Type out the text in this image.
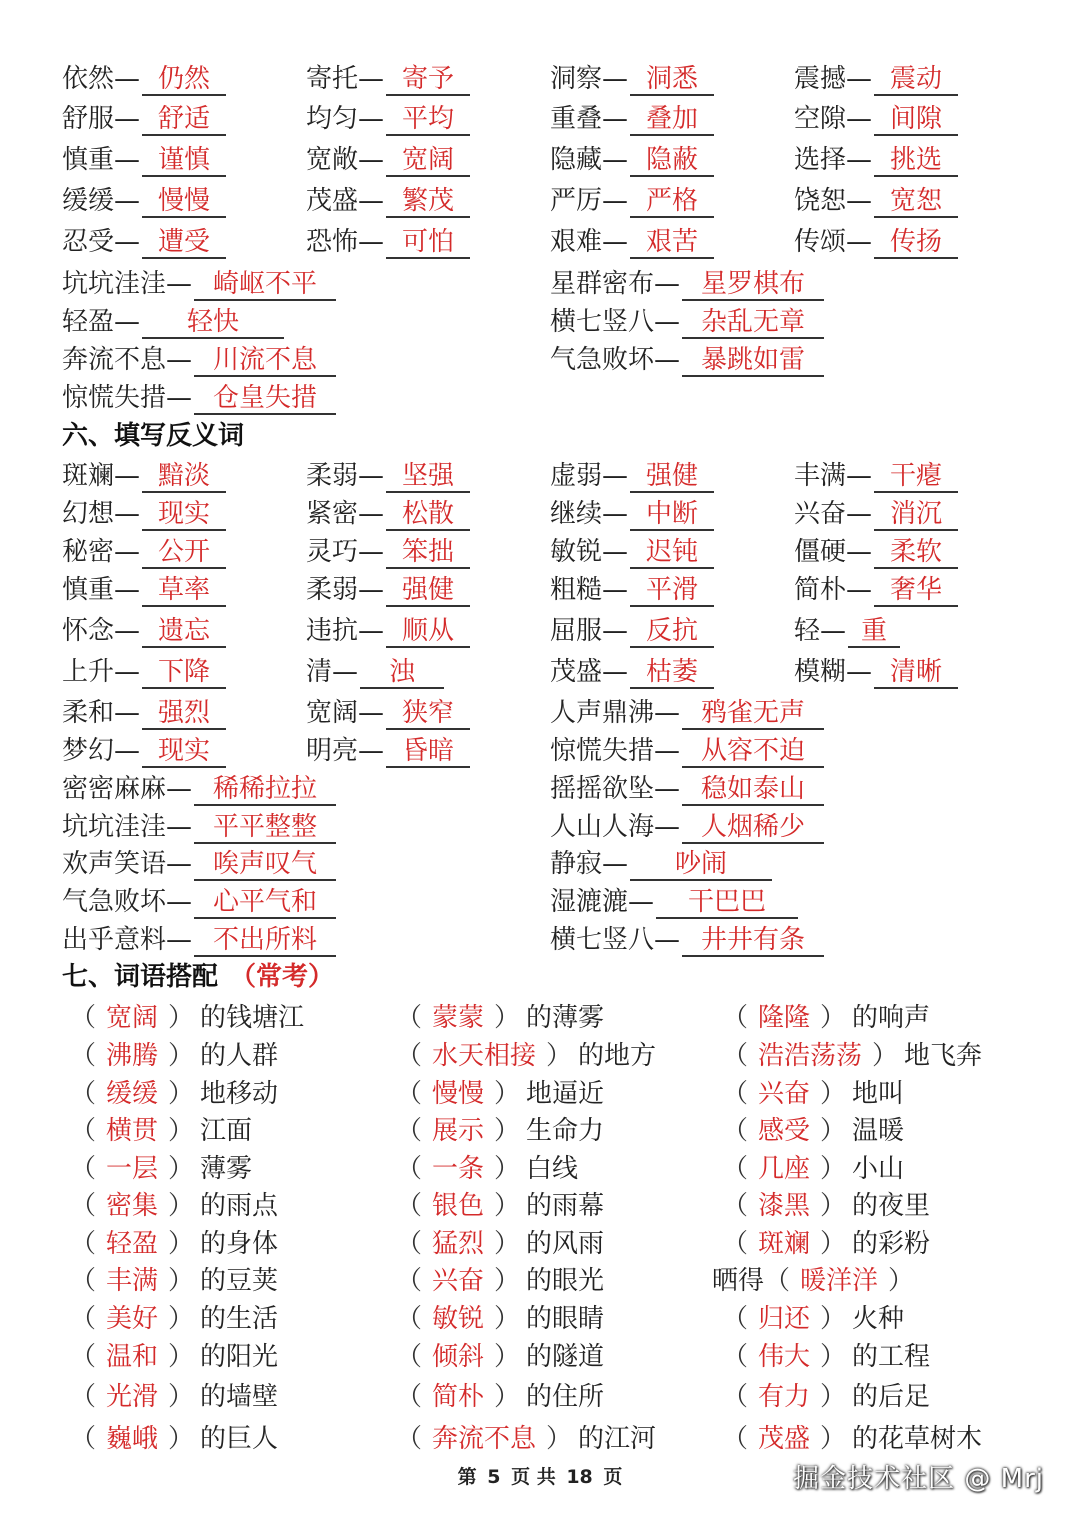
六、填写反义词
七、词语搭配 （常考）
第 5 页 共 18 页	掘金技术社区 @ Mrj
依然— 仍然	寄托— 寄予	洞察— 洞悉	震撼— 震动
舒服— 舒适	均匀— 平均	重叠— 叠加	空隙— 间隙
慎重— 谨慎	宽敞— 宽阔	隐藏— 隐蔽	选择— 挑选
缓缓— 慢慢	茂盛— 繁茂	严厉— 严格	饶恕— 宽恕
忍受— 遭受	恐怖— 可怕	艰难— 艰苦	传颂— 传扬
坑坑洼洼— 崎岖不平	星群密布— 星罗棋布
轻盈— 轻快	横七竖八— 杂乱无章
奔流不息— 川流不息	气急败坏— 暴跳如雷
惊慌失措— 仓皇失措
斑斓— 黯淡	柔弱— 坚强	虚弱— 强健	丰满— 干瘪
幻想— 现实	紧密— 松散	继续— 中断	兴奋— 消沉
秘密— 公开	灵巧— 笨拙	敏锐— 迟钝	僵硬— 柔软
慎重— 草率	柔弱— 强健	粗糙— 平滑	简朴— 奢华
怀念— 遗忘	违抗— 顺从	屈服— 反抗	轻— 重
上升— 下降	清— 浊	茂盛— 枯萎	模糊— 清晰
柔和— 强烈	宽阔— 狭窄	人声鼎沸— 鸦雀无声
梦幻— 现实	明亮— 昏暗	惊慌失措— 从容不迫
密密麻麻— 稀稀拉拉	摇摇欲坠— 稳如泰山
坑坑洼洼— 平平整整	人山人海— 人烟稀少
欢声笑语— 唉声叹气	静寂— 吵闹
气急败坏— 心平气和	湿漉漉— 干巴巴
出乎意料— 不出所料	横七竖八— 井井有条
（ 宽阔 ） 的钱塘江	（ 蒙蒙 ） 的薄雾	（ 隆隆 ） 的响声
（ 沸腾 ） 的人群	（ 水天相接 ） 的地方	（ 浩浩荡荡 ） 地飞奔
（ 缓缓 ） 地移动	（ 慢慢 ） 地逼近	（ 兴奋 ） 地叫
（ 横贯 ） 江面	（ 展示 ） 生命力	（ 感受 ） 温暖
（ 一层 ） 薄雾	（ 一条 ） 白线	（ 几座 ） 小山
（ 密集 ） 的雨点	（ 银色 ） 的雨幕	（ 漆黑 ） 的夜里
（ 轻盈 ） 的身体	（ 猛烈 ） 的风雨	（ 斑斓 ） 的彩粉
（ 丰满 ） 的豆荚	（ 兴奋 ） 的眼光	晒得（ 暖洋洋 ）
（ 美好 ） 的生活	（ 敏锐 ） 的眼睛	（ 归还 ） 火种
（ 温和 ） 的阳光	（ 倾斜 ） 的隧道	（ 伟大 ） 的工程
（ 光滑 ） 的墙壁	（ 简朴 ） 的住所	（ 有力 ） 的后足
（ 巍峨 ） 的巨人	（ 奔流不息 ） 的江河	（ 茂盛 ） 的花草树木
